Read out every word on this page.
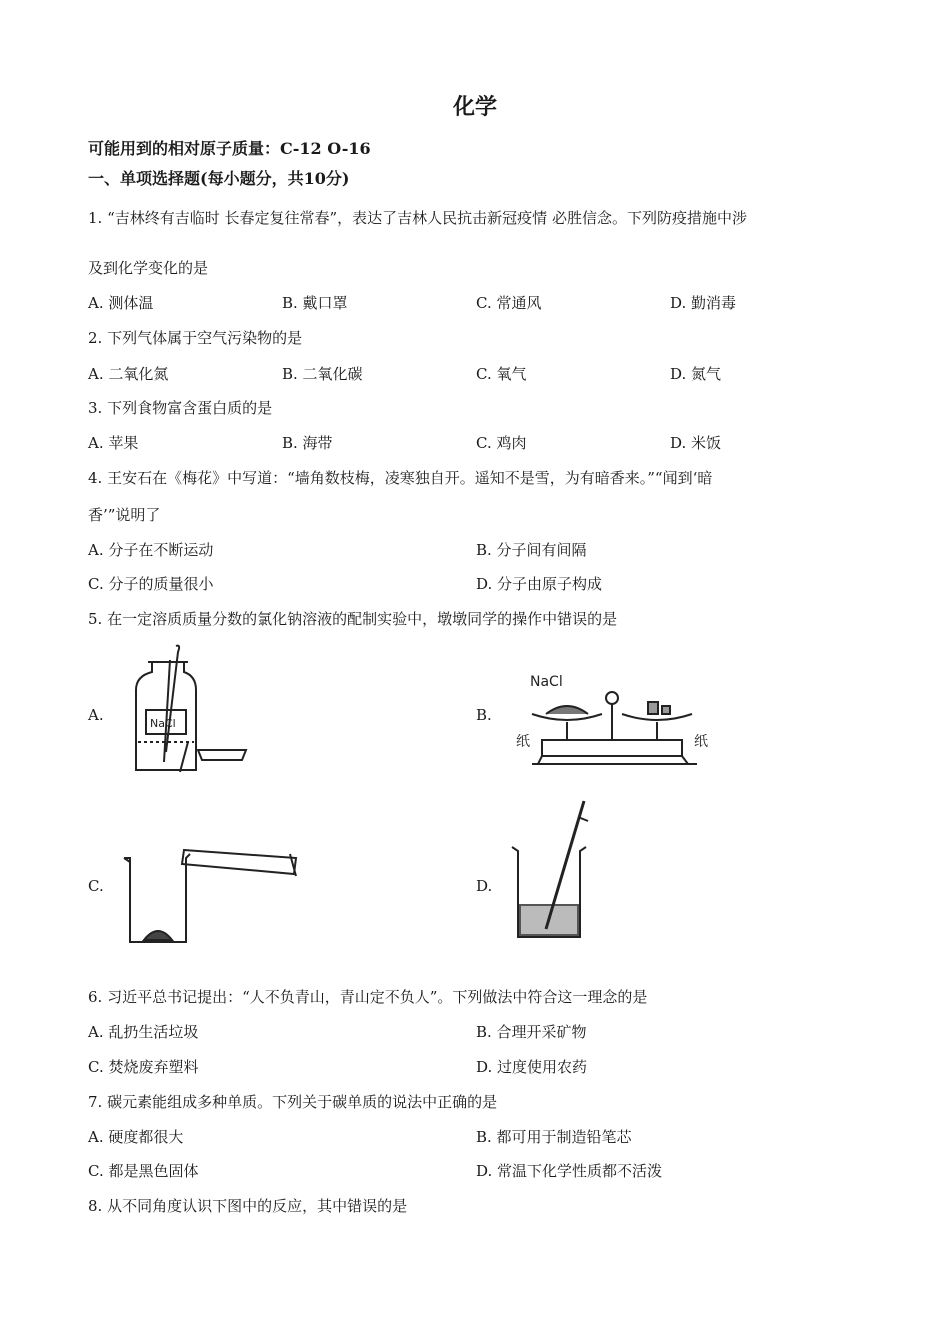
化学
可能用到的相对原子质量：C-12 O-16
一、单项选择题(每小题分，共10分)
1. “吉林终有吉临时 长春定复往常春”，表达了吉林人民抗击新冠疫情 必胜信念。下列防疫措施中涉
及到化学变化的是
A. 测体温	B. 戴口罩	C. 常通风	D. 勤消毒
2. 下列气体属于空气污染物的是
A. 二氧化氮	B. 二氧化碳	C. 氧气	D. 氮气
3. 下列食物富含蛋白质的是
A. 苹果	B. 海带	C. 鸡肉	D. 米饭
4. 王安石在《梅花》中写道：“墙角数枝梅，凌寒独自开。遥知不是雪，为有暗香来。”“闻到‘暗
香’”说明了
A. 分子在不断运动	B. 分子间有间隔
C. 分子的质量很小	D. 分子由原子构成
5. 在一定溶质质量分数的氯化钠溶液的配制实验中，墩墩同学的操作中错误的是
A.	B.
C.	D.
NaCl
NaCl
纸	纸
6. 习近平总书记提出：“人不负青山，青山定不负人”。下列做法中符合这一理念的是
A. 乱扔生活垃圾	B. 合理开采矿物
C. 焚烧废弃塑料	D. 过度使用农药
7. 碳元素能组成多种单质。下列关于碳单质的说法中正确的是
A. 硬度都很大	B. 都可用于制造铅笔芯
C. 都是黑色固体	D. 常温下化学性质都不活泼
8. 从不同角度认识下图中的反应，其中错误的是
